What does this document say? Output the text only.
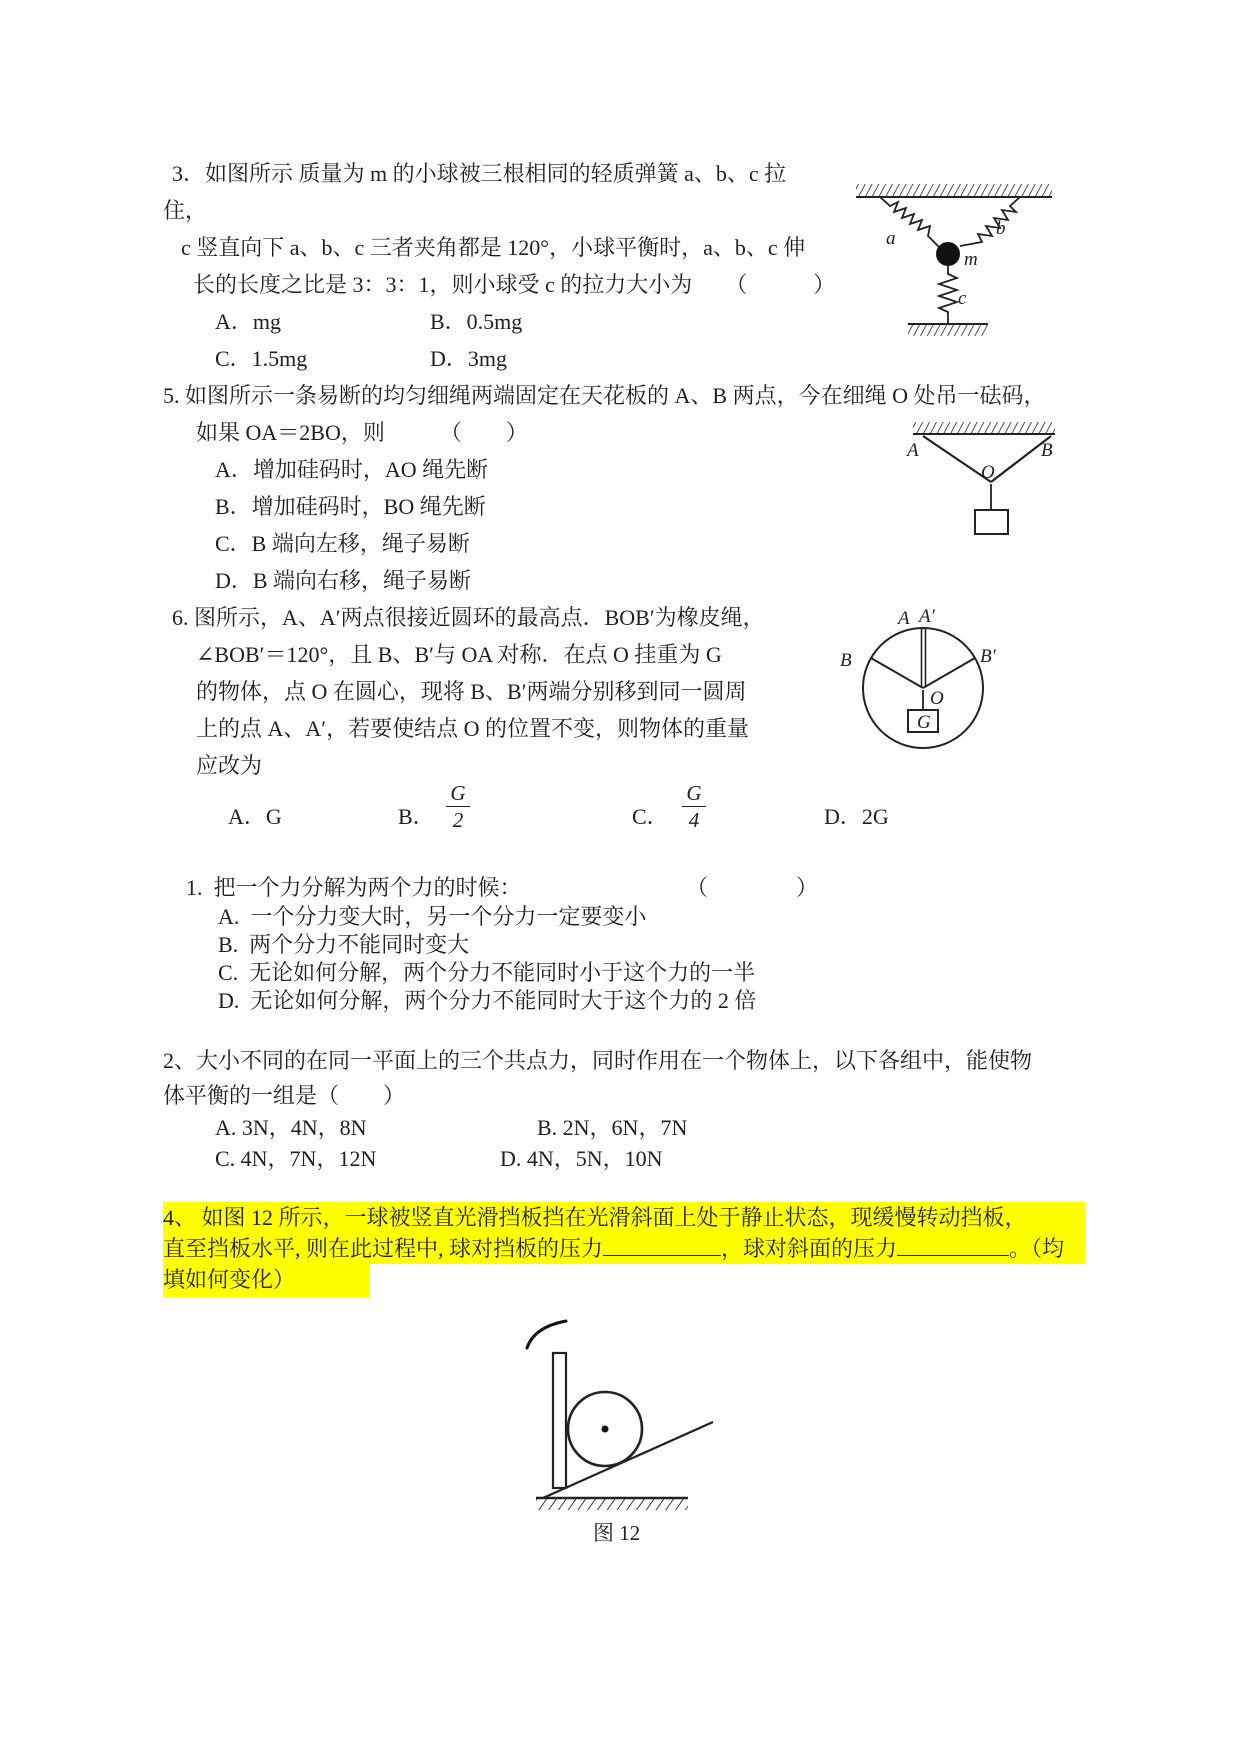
3．如图所示 质量为 m 的小球被三根相同的轻质弹簧 a、b、c 拉
住，
c 竖直向下 a、b、c 三者夹角都是 120°，小球平衡时，a、b、c 伸
长的长度之比是 3：3：1，则小球受 c 的拉力大小为　　（　　　）
A．mg	B．0.5mg
C．1.5mg	D．3mg
a	b
m
c
5. 如图所示一条易断的均匀细绳两端固定在天花板的 A、B 两点，今在细绳 O 处吊一砝码，
如果 OA＝2BO，则　　　（　　）
A．增加硅码时，AO 绳先断
B．增加硅码时，BO 绳先断
C．B 端向左移，绳子易断
D．B 端向右移，绳子易断
A	B
O
6. 图所示，A、A′两点很接近圆环的最高点．BOB′为橡皮绳，
∠BOB′＝120°，且 B、B′与 OA 对称．在点 O 挂重为 G
的物体，点 O 在圆心，现将 B、B′两端分别移到同一圆周
上的点 A、A′，若要使结点 O 的位置不变，则物体的重量
应改为
A．G	B．
G
2	C．
G
4	D．2G
A A′
B	B′
O
G
1.  把一个力分解为两个力的时候：	（　　　　）
A.  一个分力变大时，另一个分力一定要变小
B.  两个分力不能同时变大
C.  无论如何分解，两个分力不能同时小于这个力的一半
D.  无论如何分解，两个分力不能同时大于这个力的 2 倍
2、大小不同的在同一平面上的三个共点力，同时作用在一个物体上，以下各组中，能使物
体平衡的一组是（　　）
A. 3N，4N，8N	B. 2N，6N，7N
C. 4N，7N，12N	D. 4N，5N，10N
4、 如图 12 所示，一球被竖直光滑挡板挡在光滑斜面上处于静止状态，现缓慢转动挡板，
直至挡板水平, 则在此过程中, 球对挡板的压力	，球对斜面的压力	。（均
填如何变化）
图 12
